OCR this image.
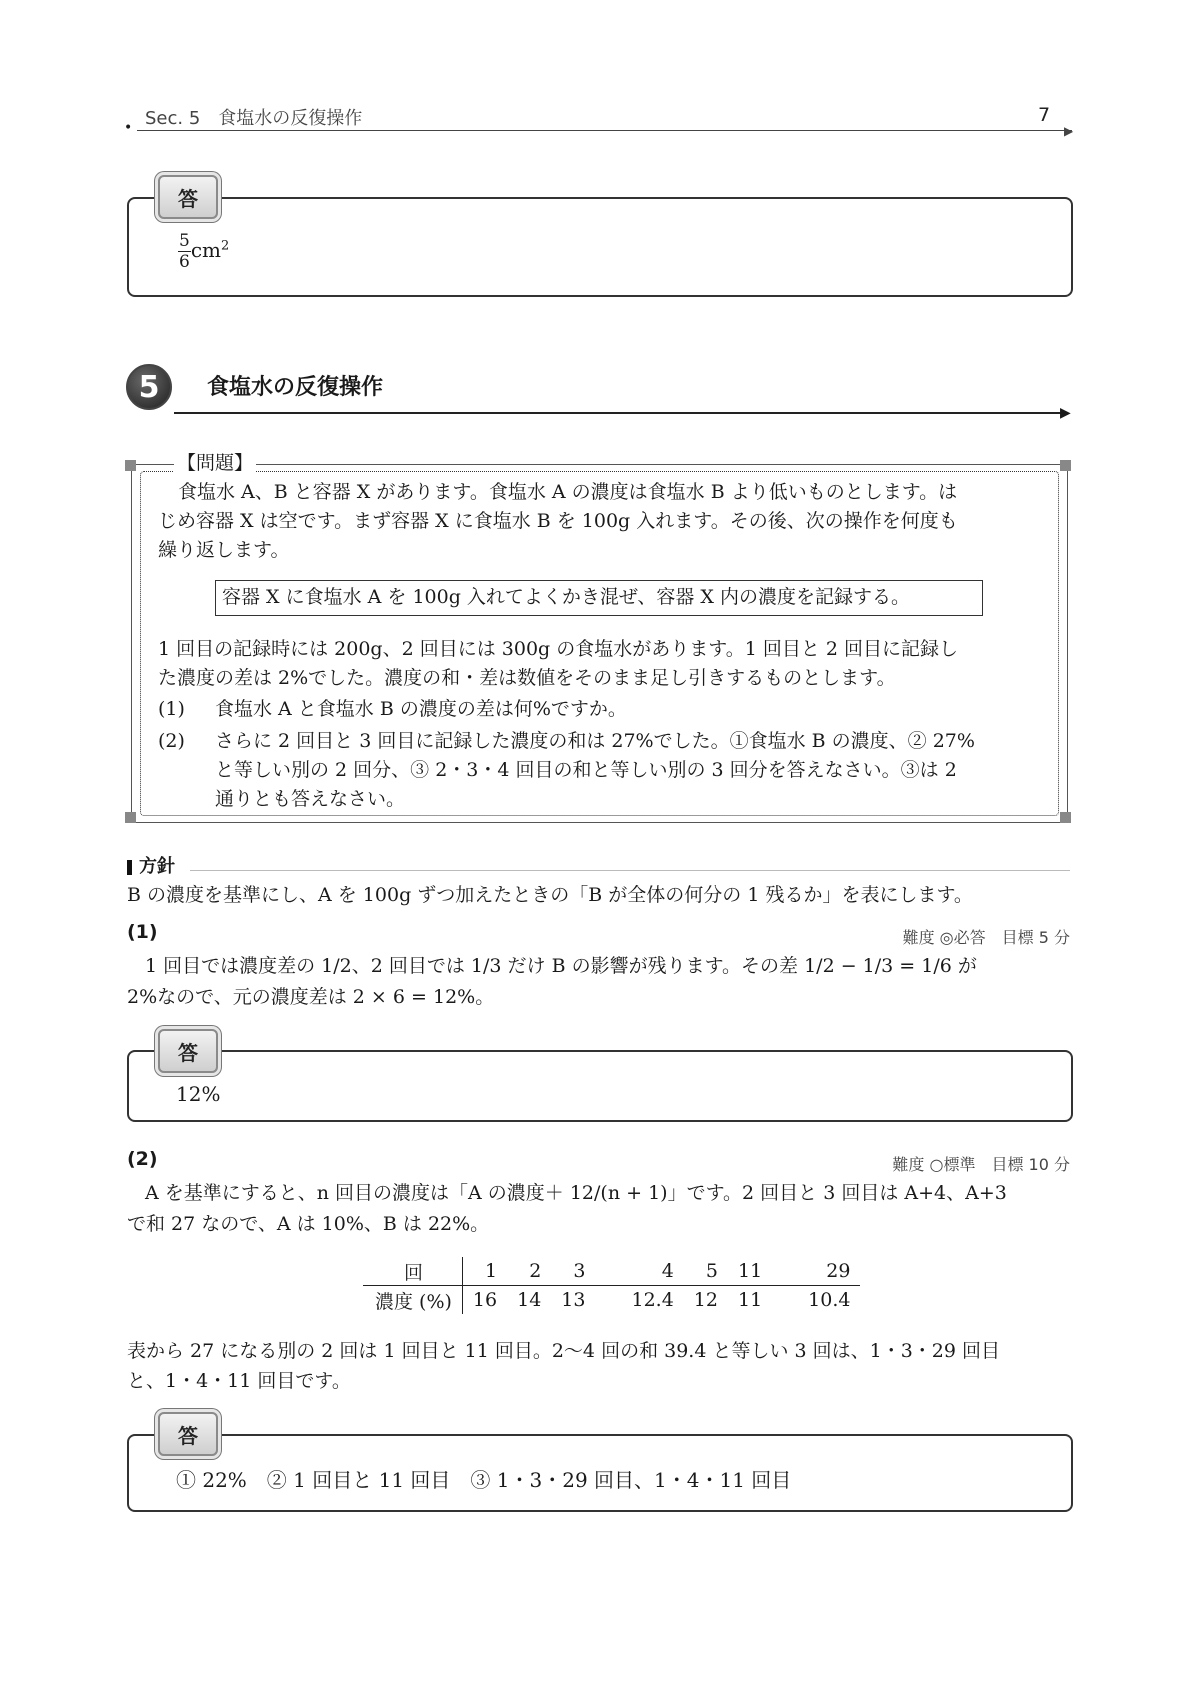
• Sec. 5　食塩水の反復操作	7
▶
$\frac{5}{6} cm^2$
答
5	食塩水の反復操作
▶
【問題】
食塩水 A、B と容器 X があります。食塩水 A の濃度は食塩水 B より低いものとします。は
じめ容器 X は空です。まず容器 X に食塩水 B を 100g 入れます。その後、次の操作を何度も
繰り返します。
容器 X に食塩水 A を 100g 入れてよくかき混ぜ、容器 X 内の濃度を記録する。
1 回目の記録時には 200g、2 回目には 300g の食塩水があります。1 回目と 2 回目に記録し
た濃度の差は 2%でした。濃度の和・差は数値をそのまま足し引きするものとします。
(1) 食塩水 A と食塩水 B の濃度の差は何%ですか。
(2) さらに 2 回目と 3 回目に記録した濃度の和は 27%でした。①食塩水 B の濃度、② 27%
と等しい別の 2 回分、③ 2・3・4 回目の和と等しい別の 3 回分を答えなさい。③は 2
通りとも答えなさい。
方針
B の濃度を基準にし、A を 100g ずつ加えたときの「B が全体の何分の 1 残るか」を表にします。
(1)	難度 ◎必答　目標 5 分
1 回目では濃度差の 1/2、2 回目では 1/3 だけ B の影響が残ります。その差 1/2 − 1/3 = 1/6 が
2%なので、元の濃度差は 2 × 6 = 12%。
12%
答
(2)	難度 ○標準　目標 10 分
A を基準にすると、n 回目の濃度は「A の濃度＋ 12/(n + 1)」です。2 回目と 3 回目は A+4、A+3
で和 27 なので、A は 10%、B は 22%。
回	1	2	3	4	5	11	29
濃度 (%)	16	14	13	12.4	12	11	10.4
表から 27 になる別の 2 回は 1 回目と 11 回目。2〜4 回の和 39.4 と等しい 3 回は、1・3・29 回目
と、1・4・11 回目です。
① 22%　② 1 回目と 11 回目　③ 1・3・29 回目、1・4・11 回目
答
